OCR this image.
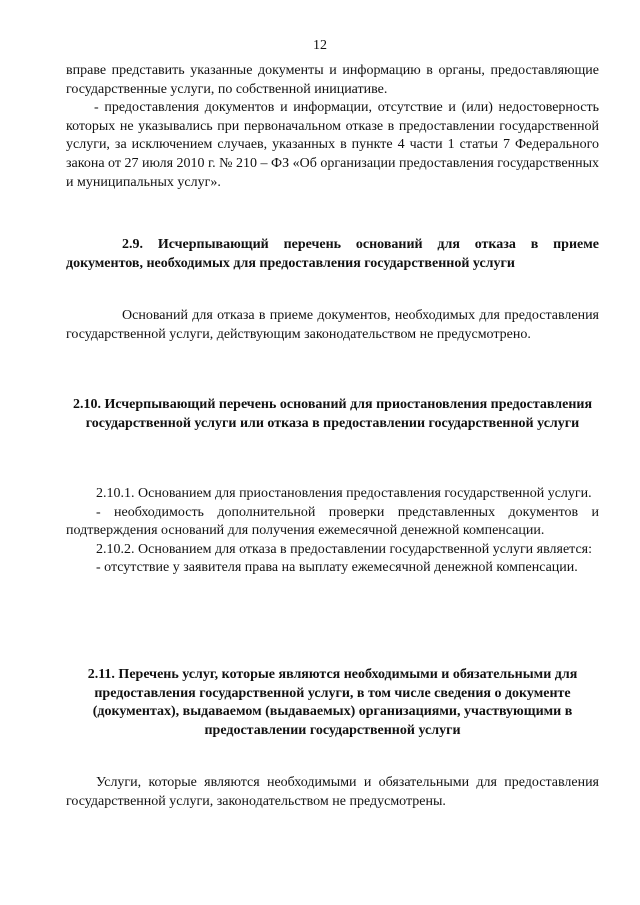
12

вправе представить указанные документы и информацию в органы, предоставляющие государственные услуги, по собственной инициативе.

- предоставления документов и информации, отсутствие и (или) недостоверность которых не указывались при первоначальном отказе в предоставлении государственной услуги, за исключением случаев, указанных в пункте 4 части 1 статьи 7 Федерального закона от 27 июля 2010 г. № 210 – ФЗ «Об организации предоставления государственных и муниципальных услуг».

2.9. Исчерпывающий перечень оснований для отказа в приеме документов, необходимых для предоставления государственной услуги

Оснований для отказа в приеме документов, необходимых для предоставления государственной услуги, действующим законодательством не предусмотрено.

2.10. Исчерпывающий перечень оснований для приостановления предоставления государственной услуги или отказа в предоставлении государственной услуги

2.10.1. Основанием для приостановления предоставления государственной услуги.

- необходимость дополнительной проверки представленных документов и подтверждения оснований для получения ежемесячной денежной компенсации.

2.10.2. Основанием для отказа в предоставлении государственной услуги является:

- отсутствие у заявителя права на выплату ежемесячной денежной компенсации.

2.11. Перечень услуг, которые являются необходимыми и обязательными для предоставления государственной услуги, в том числе сведения о документе (документах), выдаваемом (выдаваемых) организациями, участвующими в предоставлении государственной услуги

Услуги, которые являются необходимыми и обязательными для предоставления государственной услуги, законодательством не предусмотрены.
